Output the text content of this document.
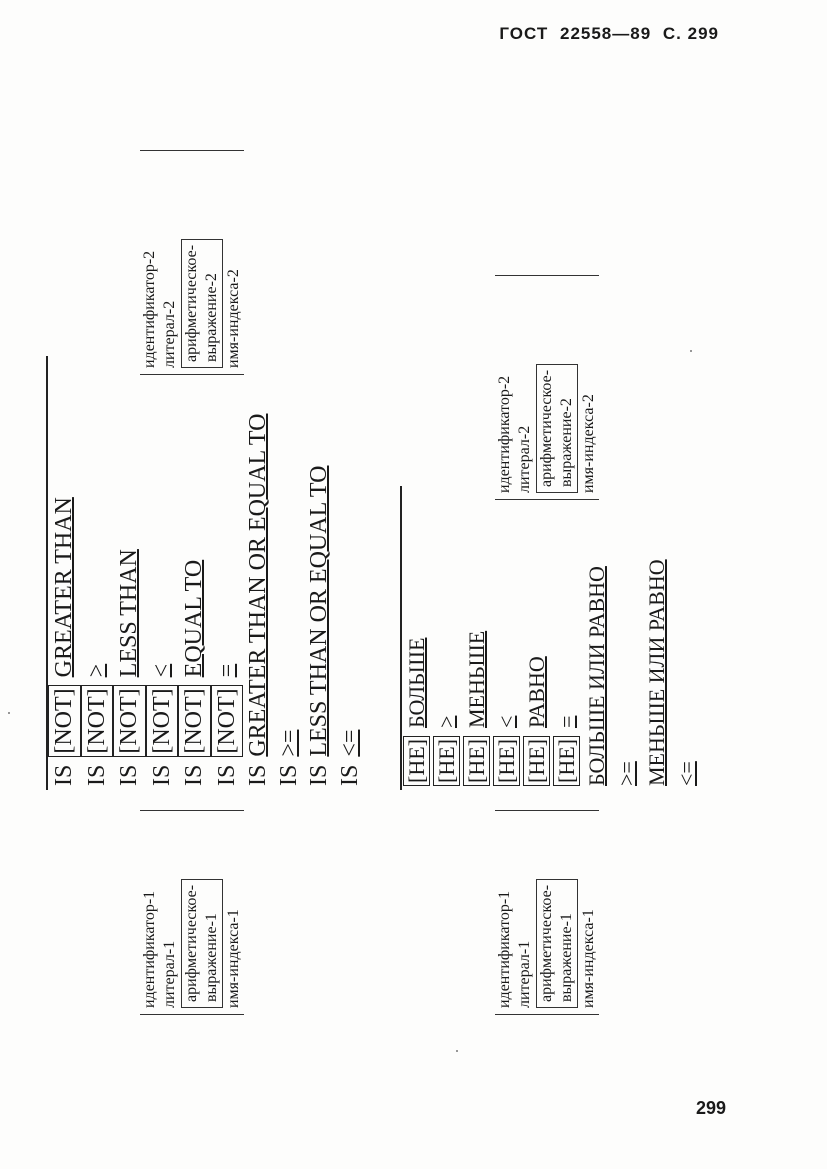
ГОСТ 22558—89 С. 299
идентификатор-1 литерал-1 арифметическое- выражение-1 имя-индекса-1
IS[NOT]GREATER THAN
IS[NOT]>
IS[NOT]LESS THAN
IS[NOT]<
IS[NOT]EQUAL TO
IS[NOT]=
ISGREATER THAN OR EQUAL TO
IS>=
ISLESS THAN OR EQUAL TO
IS<=
идентификатор-2 литерал-2 арифметическое- выражение-2 имя-индекса-2
идентификатор-1 литерал-1 арифметическое- выражение-1 имя-индекса-1
[НЕ]БОЛЬШЕ
[НЕ]>
[НЕ]МЕНЬШЕ
[НЕ]<
[НЕ]РАВНО
[НЕ]= БОЛЬШЕ ИЛИ РАВНО >= МЕНЬШЕ ИЛИ РАВНО <=
идентификатор-2 литерал-2 арифметическое- выражение-2 имя-индекса-2
299
